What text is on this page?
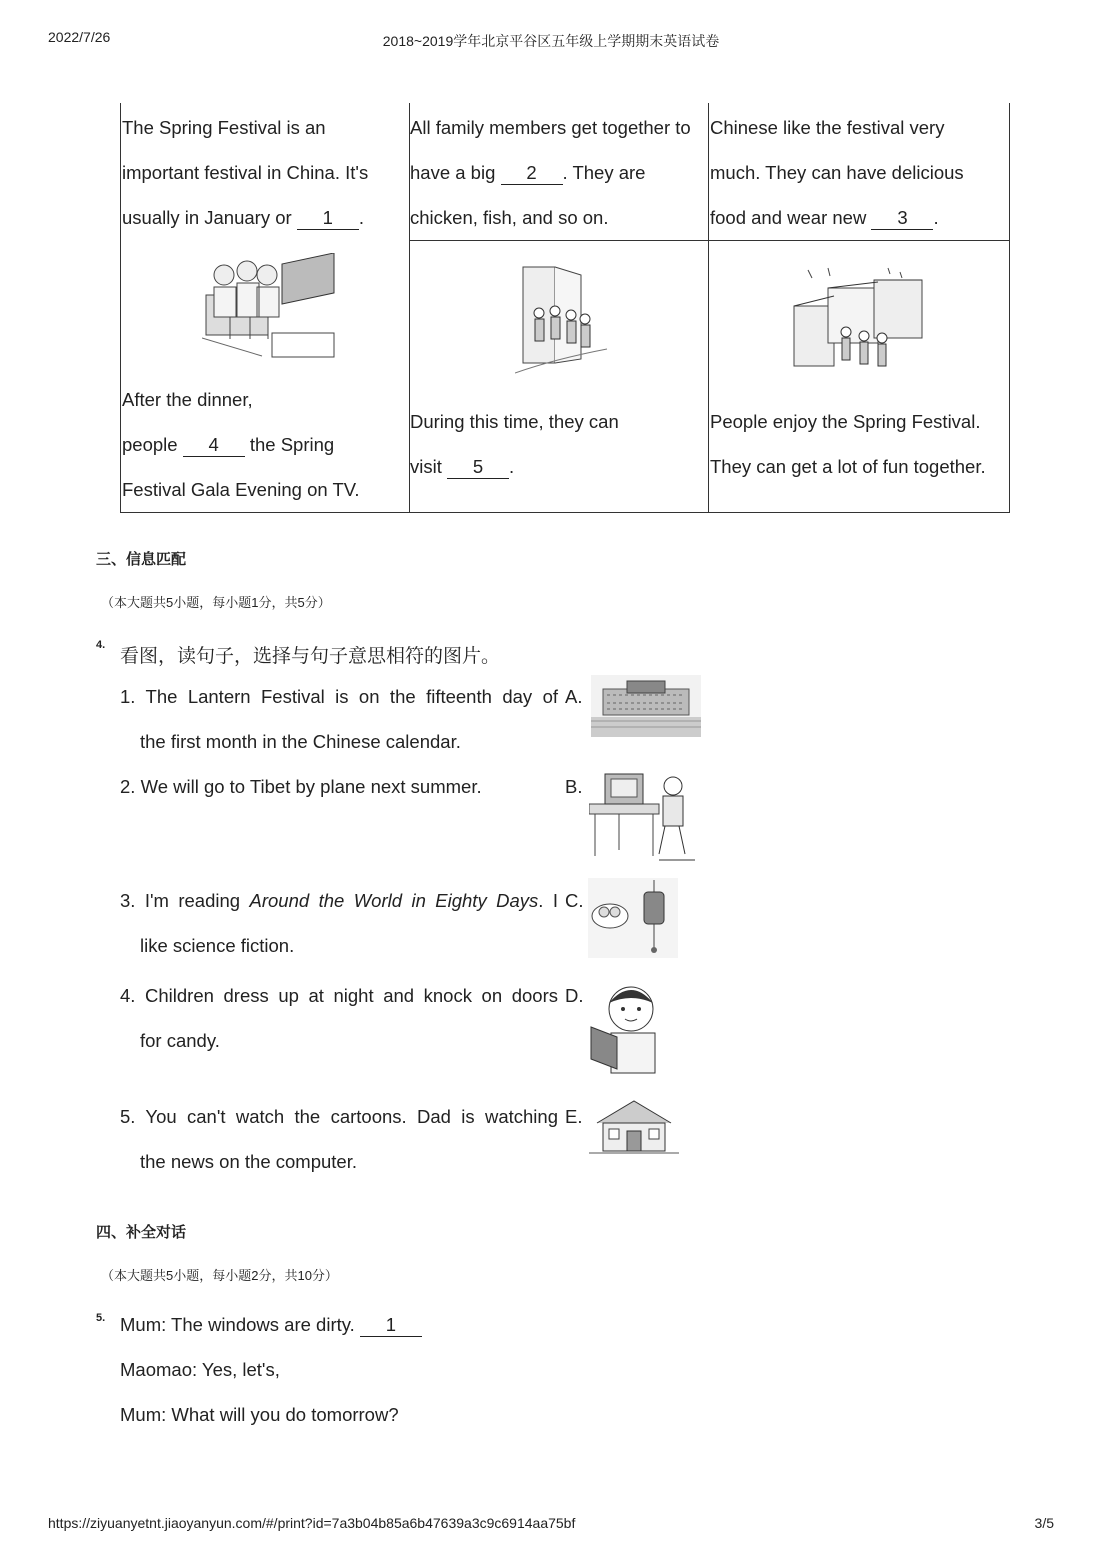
2022/7/26	2018~2019学年北京平谷区五年级上学期期末英语试卷
The Spring Festival is an
important festival in China. It's
usually in January or 1 .
All family members get together to
have a big 2 . They are
chicken, fish, and so on.
Chinese like the festival very
much. They can have delicious
food and wear new 3 .
After the dinner,
people 4 the Spring
Festival Gala Evening on TV.
During this time, they can
visit 5 .
People enjoy the Spring Festival.
They can get a lot of fun together.
三、信息匹配
（本大题共5小题，每小题1分，共5分）
4.
看图，读句子，选择与句子意思相符的图片。
1. The Lantern Festival is on the fifteenth day of
the first month in the Chinese calendar.
2. We will go to Tibet by plane next summer.
3. I'm reading Around the World in Eighty Days. I
like science fiction.
4. Children dress up at night and knock on doors
for candy.
5. You can't watch the cartoons. Dad is watching
the news on the computer.
A.
B.
C.
D.
E.
四、补全对话
（本大题共5小题，每小题2分，共10分）
5. Mum: The windows are dirty. 1
Maomao: Yes, let's,
Mum: What will you do tomorrow?
https://ziyuanyetnt.jiaoyanyun.com/#/print?id=7a3b04b85a6b47639a3c9c6914aa75bf	3/5
